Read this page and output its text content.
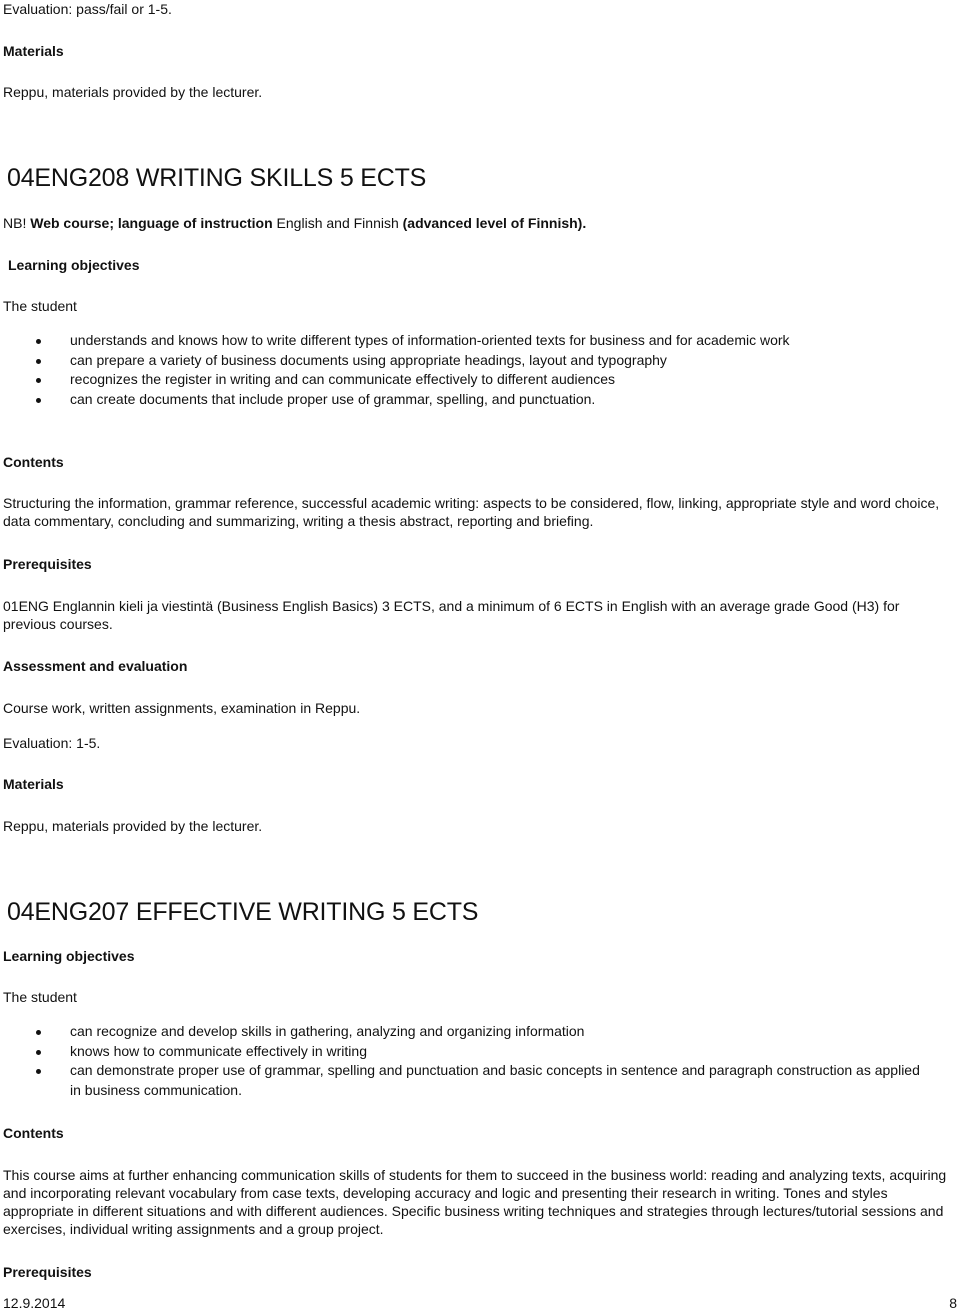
Evaluation: pass/fail or 1-5.

Materials

Reppu, materials provided by the lecturer.

04ENG208 WRITING SKILLS 5 ECTS

NB! Web course; language of instruction English and Finnish (advanced level of Finnish).

Learning objectives

The student

understands and knows how to write different types of information-oriented texts for business and for academic work
can prepare a variety of business documents using appropriate headings, layout and typography
recognizes the register in writing and can communicate effectively to different audiences
can create documents that include proper use of grammar, spelling, and punctuation.

Contents

Structuring the information, grammar reference, successful academic writing: aspects to be considered, flow, linking, appropriate style and word choice, data commentary, concluding and summarizing, writing a thesis abstract, reporting and briefing.

Prerequisites

01ENG Englannin kieli ja viestintä (Business English Basics) 3 ECTS, and a minimum of 6 ECTS in English with an average grade Good (H3) for previous courses.

Assessment and evaluation

Course work, written assignments, examination in Reppu.

Evaluation: 1-5.

Materials

Reppu, materials provided by the lecturer.

04ENG207 EFFECTIVE WRITING 5 ECTS

Learning objectives

The student

can recognize and develop skills in gathering, analyzing and organizing information
knows how to communicate effectively in writing
can demonstrate proper use of grammar, spelling and punctuation and basic concepts in sentence and paragraph construction as applied in business communication.

Contents

This course aims at further enhancing communication skills of students for them to succeed in the business world: reading and analyzing texts, acquiring and incorporating relevant vocabulary from case texts, developing accuracy and logic and presenting their research in writing. Tones and styles appropriate in different situations and with different audiences. Specific business writing techniques and strategies through lectures/tutorial sessions and exercises, individual writing assignments and a group project.

Prerequisites

12.9.2014	8
